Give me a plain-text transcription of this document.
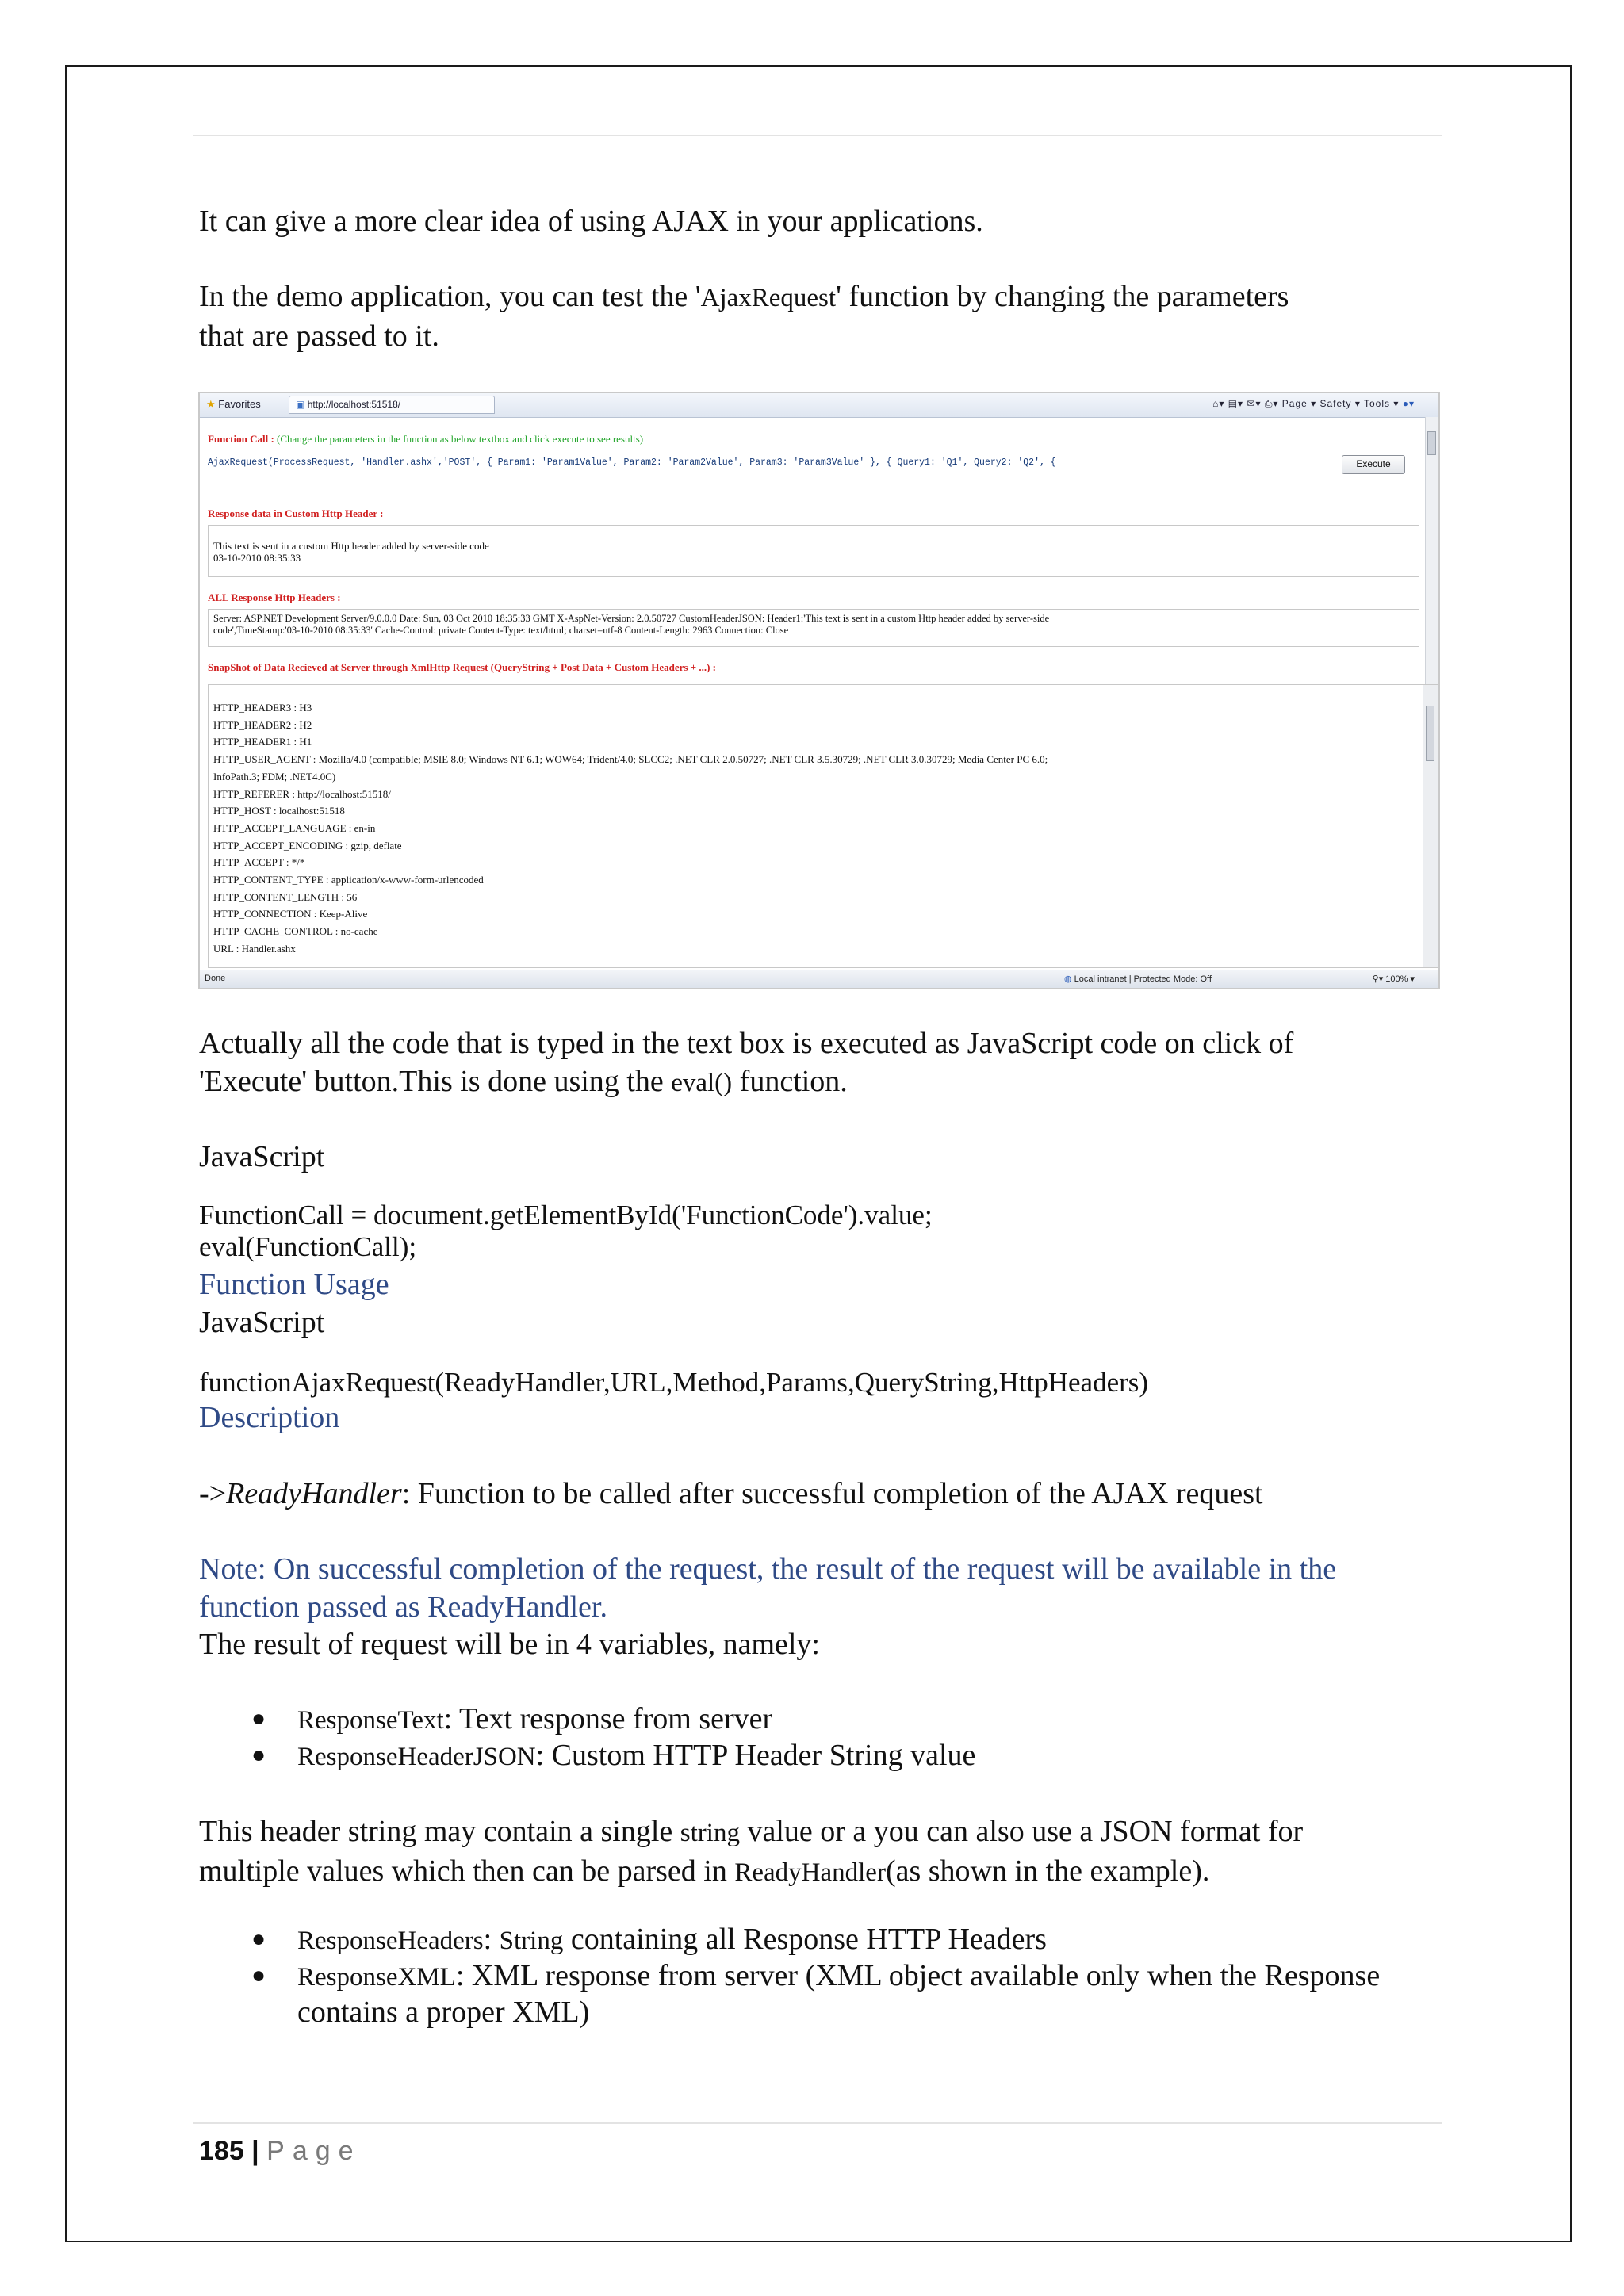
It can give a more clear idea of using AJAX in your applications.
In the demo application, you can test the 'AjaxRequest' function by changing the parameters
that are passed to it.
★ Favorites	▣ http://localhost:51518/	⌂▾ ▤▾ ✉▾ ⎙▾ Page ▾ Safety ▾ Tools ▾ ●▾
Function Call : (Change the parameters in the function as below textbox and click execute to see results)
AjaxRequest(ProcessRequest, 'Handler.ashx','POST', { Param1: 'Param1Value', Param2: 'Param2Value', Param3: 'Param3Value' }, { Query1: 'Q1', Query2: 'Q2', {	Execute
Response data in Custom Http Header :
This text is sent in a custom Http header added by server-side code
03-10-2010 08:35:33
ALL Response Http Headers :
Server: ASP.NET Development Server/9.0.0.0 Date: Sun, 03 Oct 2010 18:35:33 GMT X-AspNet-Version: 2.0.50727 CustomHeaderJSON: Header1:'This text is sent in a custom Http header added by server-side
code',TimeStamp:'03-10-2010 08:35:33' Cache-Control: private Content-Type: text/html; charset=utf-8 Content-Length: 2963 Connection: Close
SnapShot of Data Recieved at Server through XmlHttp Request (QueryString + Post Data + Custom Headers + ...) :
HTTP_HEADER3 : H3
HTTP_HEADER2 : H2
HTTP_HEADER1 : H1
HTTP_USER_AGENT : Mozilla/4.0 (compatible; MSIE 8.0; Windows NT 6.1; WOW64; Trident/4.0; SLCC2; .NET CLR 2.0.50727; .NET CLR 3.5.30729; .NET CLR 3.0.30729; Media Center PC 6.0;
InfoPath.3; FDM; .NET4.0C)
HTTP_REFERER : http://localhost:51518/
HTTP_HOST : localhost:51518
HTTP_ACCEPT_LANGUAGE : en-in
HTTP_ACCEPT_ENCODING : gzip, deflate
HTTP_ACCEPT : */*
HTTP_CONTENT_TYPE : application/x-www-form-urlencoded
HTTP_CONTENT_LENGTH : 56
HTTP_CONNECTION : Keep-Alive
HTTP_CACHE_CONTROL : no-cache
URL : Handler.ashx
Done	◍ Local intranet | Protected Mode: Off	⚲▾ 100% ▾
Actually all the code that is typed in the text box is executed as JavaScript code on click of
'Execute' button.This is done using the eval() function.
JavaScript
FunctionCall = document.getElementById('FunctionCode').value;
eval(FunctionCall);
Function Usage
JavaScript
functionAjaxRequest(ReadyHandler,URL,Method,Params,QueryString,HttpHeaders)
Description
->ReadyHandler: Function to be called after successful completion of the AJAX request
Note: On successful completion of the request, the result of the request will be available in the
function passed as ReadyHandler.
The result of request will be in 4 variables, namely:
● ResponseText: Text response from server
● ResponseHeaderJSON: Custom HTTP Header String value
This header string may contain a single string value or a you can also use a JSON format for
multiple values which then can be parsed in ReadyHandler(as shown in the example).
● ResponseHeaders: String containing all Response HTTP Headers
● ResponseXML: XML response from server (XML object available only when the Response
contains a proper XML)
185 | Page
